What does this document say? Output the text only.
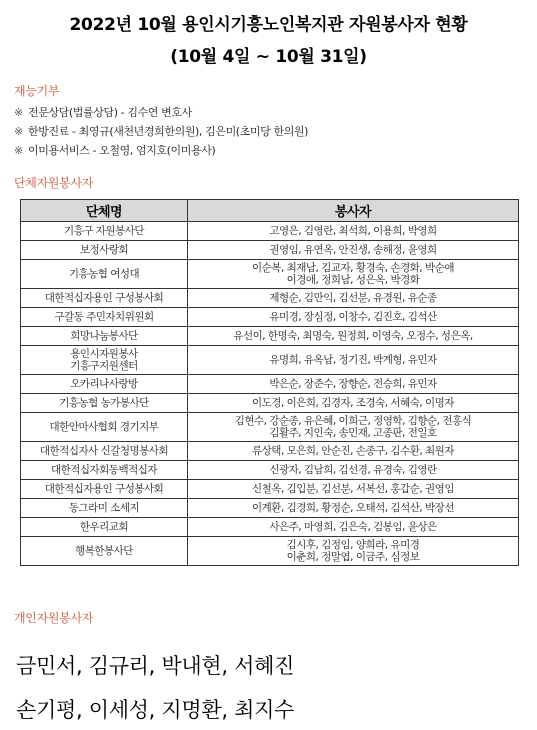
2022년 10월 용인시기흥노인복지관 자원봉사자 현황
(10월 4일 ~ 10월 31일)
재능기부
※ 전문상담(법률상담) - 김수연 변호사
※ 한방진료 - 최영규(새천년경희한의원), 김은미(초미당 한의원)
※ 이미용서비스 - 오철영, 엄지호(이미용사)
단체자원봉사자
단체명	봉사자

기흥구 자원봉사단	고영은, 김영란, 최석희, 이용희, 박영희

보정사랑회	권영임, 유연옥, 안진생, 송해정, 윤영희

기흥농협 여성대	이순복, 최재남, 김교자, 황경숙, 손경화, 박순애
이경애, 정희남, 성은옥, 박경화

대한적십자용인 구성봉사회	제형순, 김만익, 김선분, 유경원, 유순종

구갈동 주민자치위원회	유미경, 장심정, 이창수, 김진호, 김석산

희망나눔봉사단	유선이, 한명숙, 최명숙, 원정희, 이영숙, 오정수, 성은옥,

용인시자원봉사
기흥구지원센터	유명희, 유옥남, 정기진, 박계형, 유민자

오카리나사랑방	박은순, 장준수, 장향순, 전승희, 유민자

기흥농협 농가봉사단	이도경, 이은희, 김경자, 조경숙, 서혜숙, 이명자

대한안마사협회 경기지부	김현수, 강순종, 유은혜, 이희근, 정영학, 김향순, 전홍식
김활주, 지인숙, 송민재, 고종판, 전일호

대한적십자사 신갈청명봉사회	류상택, 모은희, 안순진, 손종구, 김수환, 최원자

대한적십자회동백적십자	신광자, 김남희, 김선경, 유경숙, 김영란

대한적십자용인 구성봉사회	신철옥, 김입분, 김선분, 서복선, 홍갑순, 권영임

동그라미 소세지	이계환, 김경희, 황정순, 오태석, 김석산, 박장선

한우리교회	사은주, 마영희, 김은숙, 김봉임, 윤상은

행복한봉사단	김시후, 김정임, 양희라, 유미경
이춘희, 정말엽, 이금주, 심정보
개인자원봉사자
금민서, 김규리, 박내현, 서혜진
손기평, 이세성, 지명환, 최지수
